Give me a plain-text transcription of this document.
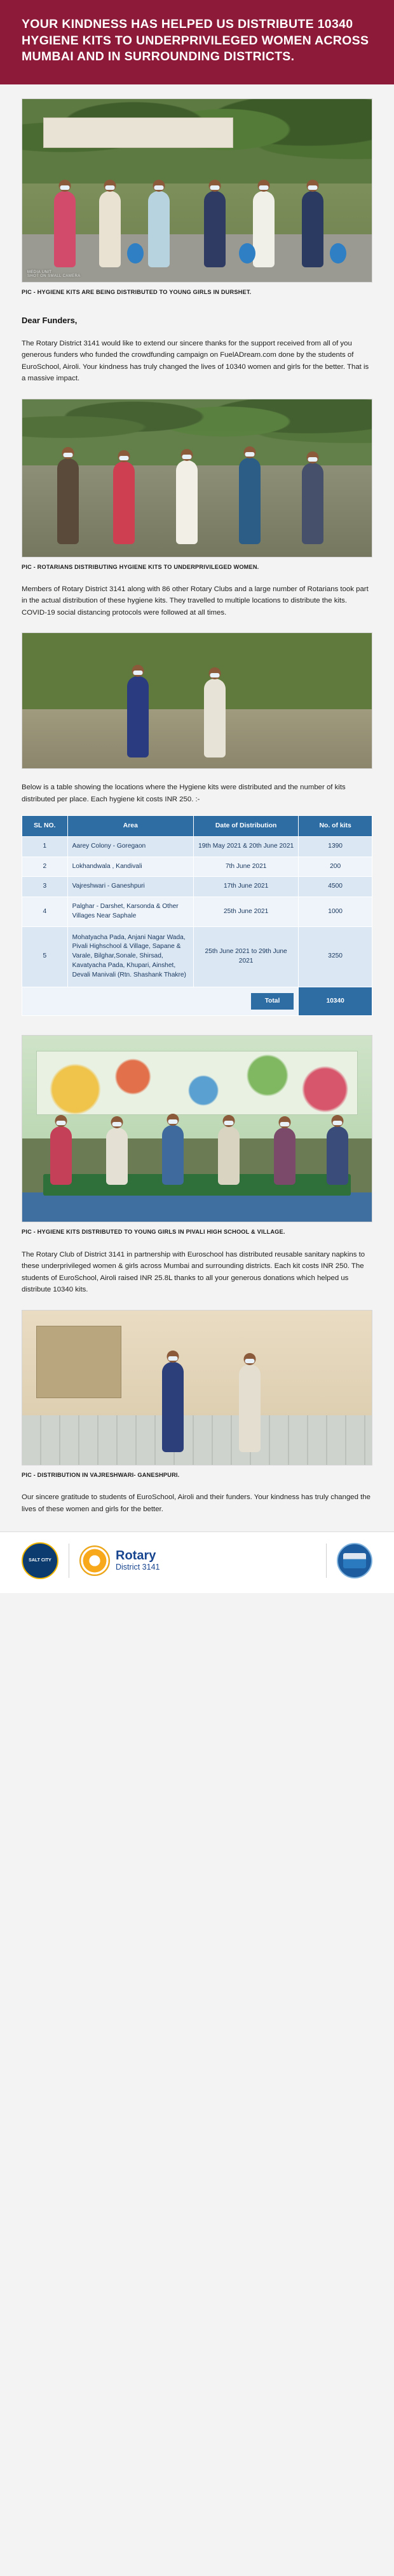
YOUR KINDNESS HAS HELPED US DISTRIBUTE 10340 HYGIENE KITS TO UNDERPRIVILEGED WOMEN ACROSS MUMBAI AND IN SURROUNDING DISTRICTS.
MEDIA UNIT
SHOT ON SMALL CAMERA
PIC - HYGIENE KITS ARE BEING DISTRIBUTED TO YOUNG GIRLS IN DURSHET.
Dear Funders,

The Rotary District 3141 would like to extend our sincere thanks for the support received from all of you generous funders who funded the crowdfunding campaign on FuelADream.com done by the students of EuroSchool, Airoli. Your kindness has truly changed the lives of 10340 women and girls for the better. That is a massive impact.

PIC - ROTARIANS DISTRIBUTING HYGIENE KITS TO UNDERPRIVILEGED WOMEN.

Members of Rotary District 3141 along with 86 other Rotary Clubs and a large number of Rotarians took part in the actual distribution of these hygiene kits. They travelled to multiple locations to distribute the kits. COVID-19 social distancing protocols were followed at all times.

Below is a table showing the locations where the Hygiene kits were distributed and the number of kits distributed per place. Each hygiene kit costs INR 250. :-

SL NO.	Area	Date of Distribution	No. of kits
1	Aarey Colony - Goregaon	19th May 2021 & 20th June 2021	1390
2	Lokhandwala , Kandivali	7th June 2021	200
3	Vajreshwari - Ganeshpuri	17th June 2021	4500
4	Palghar - Darshet, Karsonda & Other Villages Near Saphale	25th June 2021	1000
5	Mohatyacha Pada, Anjani Nagar Wada, Pivali Highschool & Village, Sapane & Varale, Bilghar,Sonale, Shirsad, Kavatyacha Pada, Khupari, Ainshet, Devali Manivali (Rtn. Shashank Thakre)	25th June 2021 to 29th June 2021	3250
Total			10340
PIC - HYGIENE KITS DISTRIBUTED TO YOUNG GIRLS IN PIVALI HIGH SCHOOL & VILLAGE.

The Rotary Club of District 3141 in partnership with Euroschool has distributed reusable sanitary napkins to these underprivileged women & girls across Mumbai and surrounding districts. Each kit costs INR 250. The students of EuroSchool, Airoli raised INR 25.8L thanks to all your generous donations which helped us distribute 10340 kits.

PIC - DISTRIBUTION IN VAJRESHWARI- GANESHPURI.

Our sincere gratitude to students of EuroSchool, Airoli and their funders. Your kindness has truly changed the lives of these women and girls for the better.

SALT CITY	Rotary
District 3141
